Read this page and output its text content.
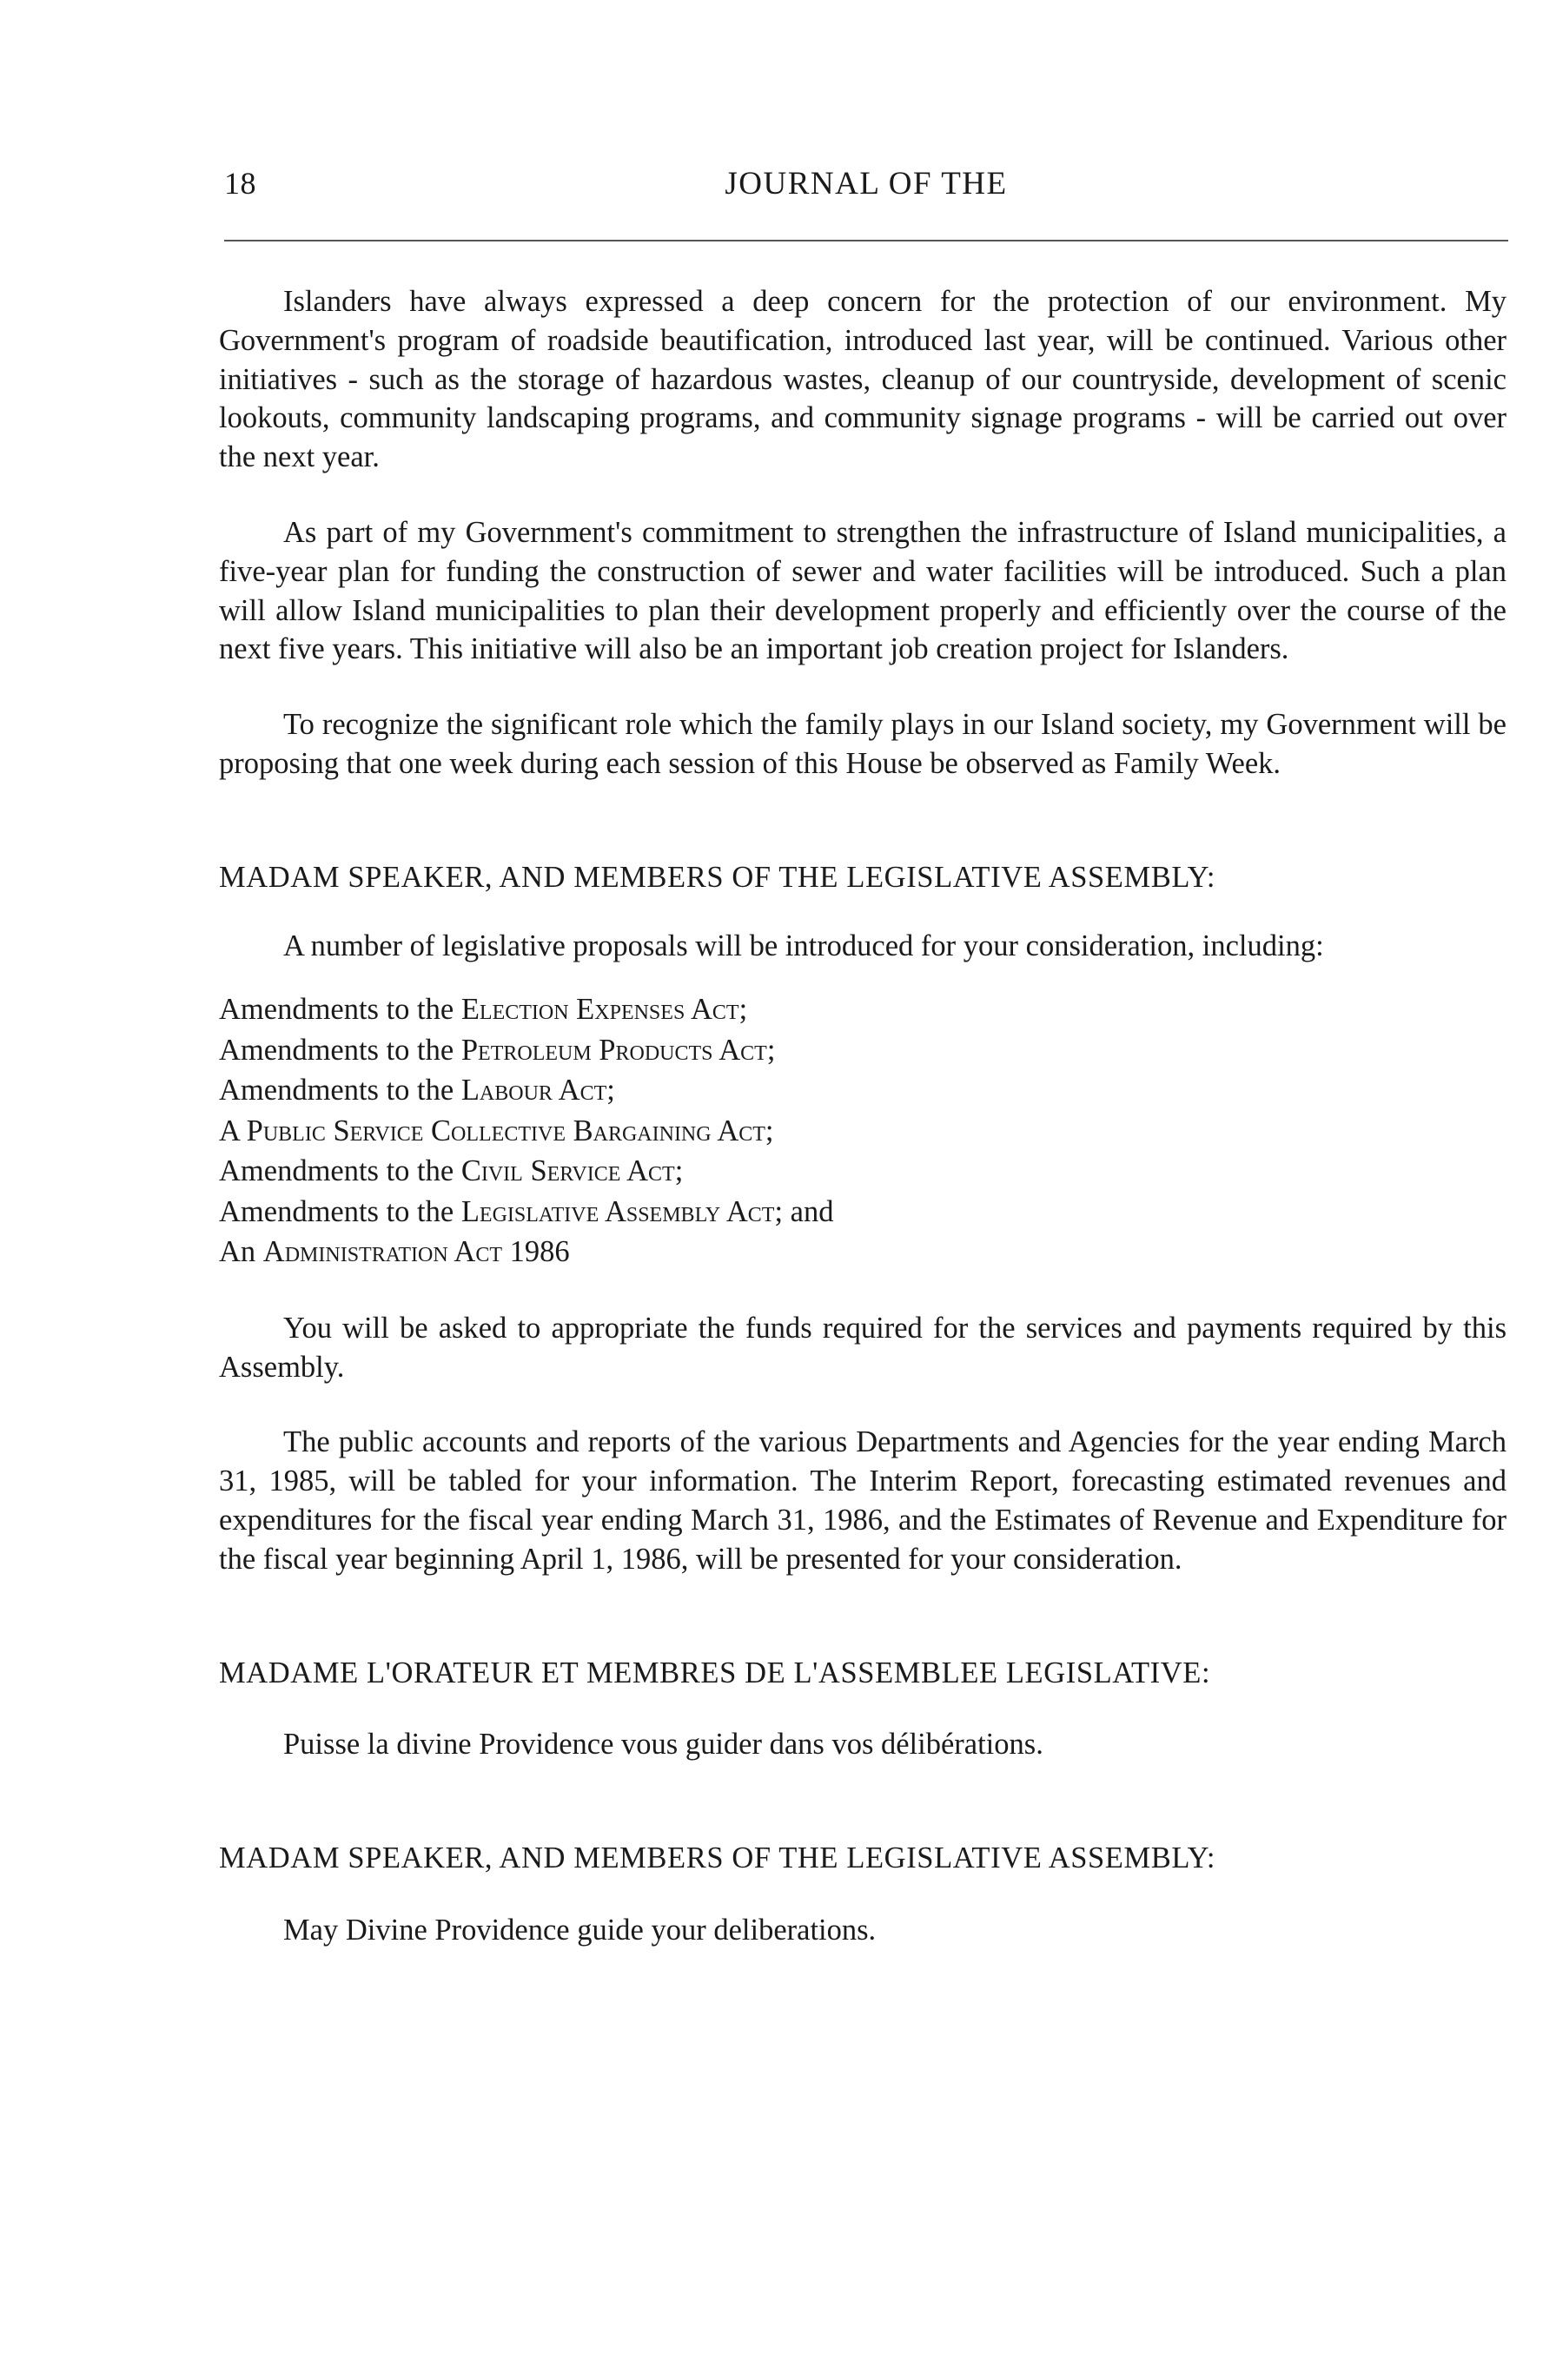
18	JOURNAL OF THE

Islanders have always expressed a deep concern for the protection of our environment. My Government's program of roadside beautification, introduced last year, will be continued. Various other initiatives - such as the storage of hazardous wastes, cleanup of our countryside, development of scenic lookouts, community landscaping programs, and community signage programs - will be carried out over the next year.

As part of my Government's commitment to strengthen the infrastructure of Island municipalities, a five-year plan for funding the construction of sewer and water facilities will be introduced. Such a plan will allow Island municipalities to plan their development properly and efficiently over the course of the next five years. This initiative will also be an important job creation project for Islanders.

To recognize the significant role which the family plays in our Island society, my Government will be proposing that one week during each session of this House be observed as Family Week.

MADAM SPEAKER, AND MEMBERS OF THE LEGISLATIVE ASSEMBLY:

A number of legislative proposals will be introduced for your consideration, including:

Amendments to the Election Expenses Act;
Amendments to the Petroleum Products Act;
Amendments to the Labour Act;
A Public Service Collective Bargaining Act;
Amendments to the Civil Service Act;
Amendments to the Legislative Assembly Act; and
An Administration Act 1986

You will be asked to appropriate the funds required for the services and payments required by this Assembly.

The public accounts and reports of the various Departments and Agencies for the year ending March 31, 1985, will be tabled for your information. The Interim Report, forecasting estimated revenues and expenditures for the fiscal year ending March 31, 1986, and the Estimates of Revenue and Expenditure for the fiscal year beginning April 1, 1986, will be presented for your consideration.

MADAME L'ORATEUR ET MEMBRES DE L'ASSEMBLEE LEGISLATIVE:

Puisse la divine Providence vous guider dans vos délibérations.

MADAM SPEAKER, AND MEMBERS OF THE LEGISLATIVE ASSEMBLY:

May Divine Providence guide your deliberations.
